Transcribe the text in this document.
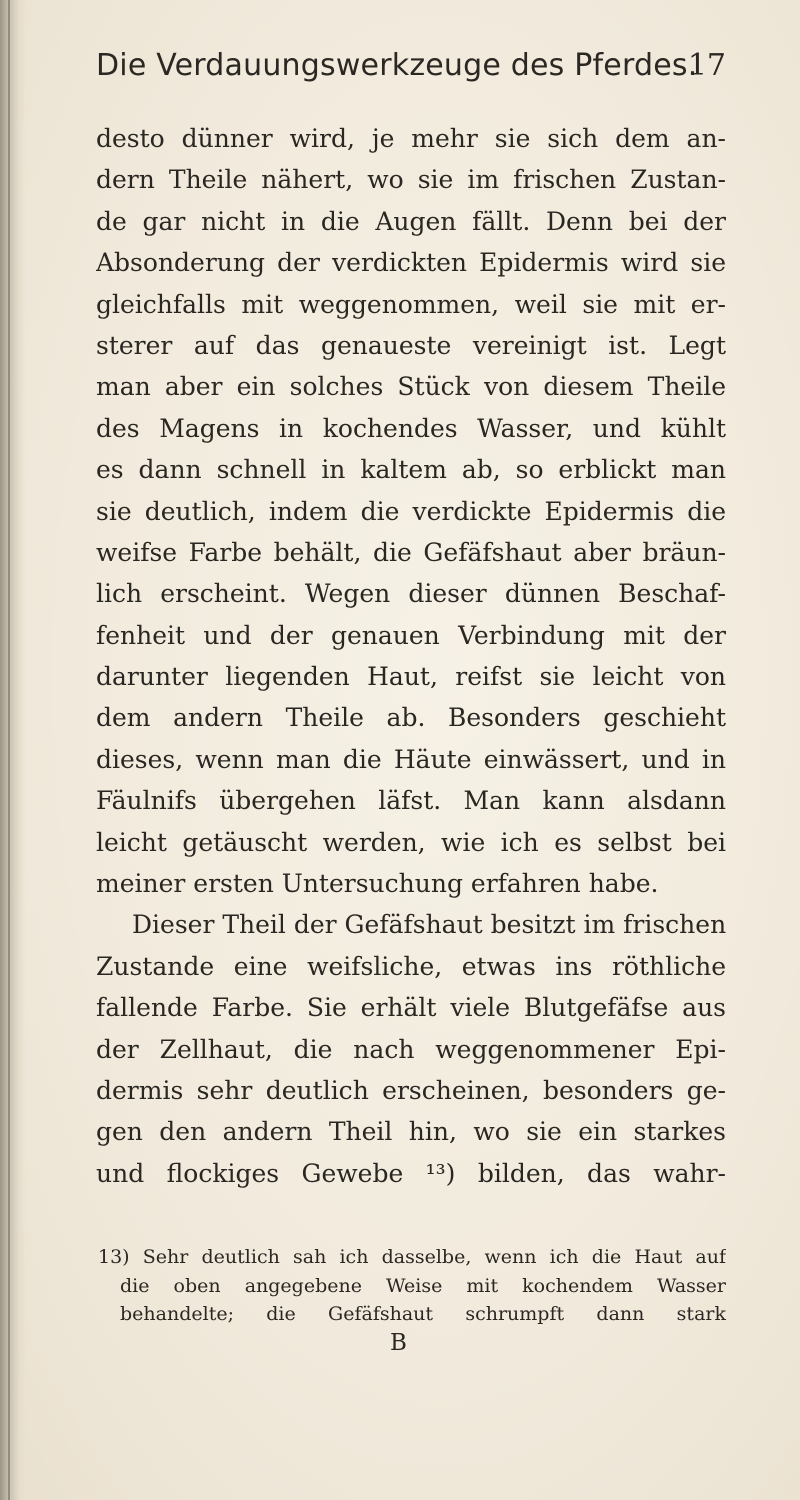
Die Verdauungswerkzeuge des Pferdes.
17
desto dünner wird, je mehr sie sich dem an-
dern Theile nähert, wo sie im frischen Zustan-
de gar nicht in die Augen fällt. Denn bei der
Absonderung der verdickten Epidermis wird sie
gleichfalls mit weggenommen, weil sie mit er-
sterer auf das genaueste vereinigt ist. Legt
man aber ein solches Stück von diesem Theile
des Magens in kochendes Wasser, und kühlt
es dann schnell in kaltem ab, so erblickt man
sie deutlich, indem die verdickte Epidermis die
weifse Farbe behält, die Gefäfshaut aber bräun-
lich erscheint. Wegen dieser dünnen Beschaf-
fenheit und der genauen Verbindung mit der
darunter liegenden Haut, reifst sie leicht von
dem andern Theile ab. Besonders geschieht
dieses, wenn man die Häute einwässert, und in
Fäulnifs übergehen läfst. Man kann alsdann
leicht getäuscht werden, wie ich es selbst bei
meiner ersten Untersuchung erfahren habe.
Dieser Theil der Gefäfshaut besitzt im frischen
Zustande eine weifsliche, etwas ins röthliche
fallende Farbe. Sie erhält viele Blutgefäfse aus
der Zellhaut, die nach weggenommener Epi-
dermis sehr deutlich erscheinen, besonders ge-
gen den andern Theil hin, wo sie ein starkes
und flockiges Gewebe ¹³) bilden, das wahr-
13) Sehr deutlich sah ich dasselbe, wenn ich die Haut auf
die oben angegebene Weise mit kochendem Wasser
behandelte; die Gefäfshaut schrumpft dann stark
B
